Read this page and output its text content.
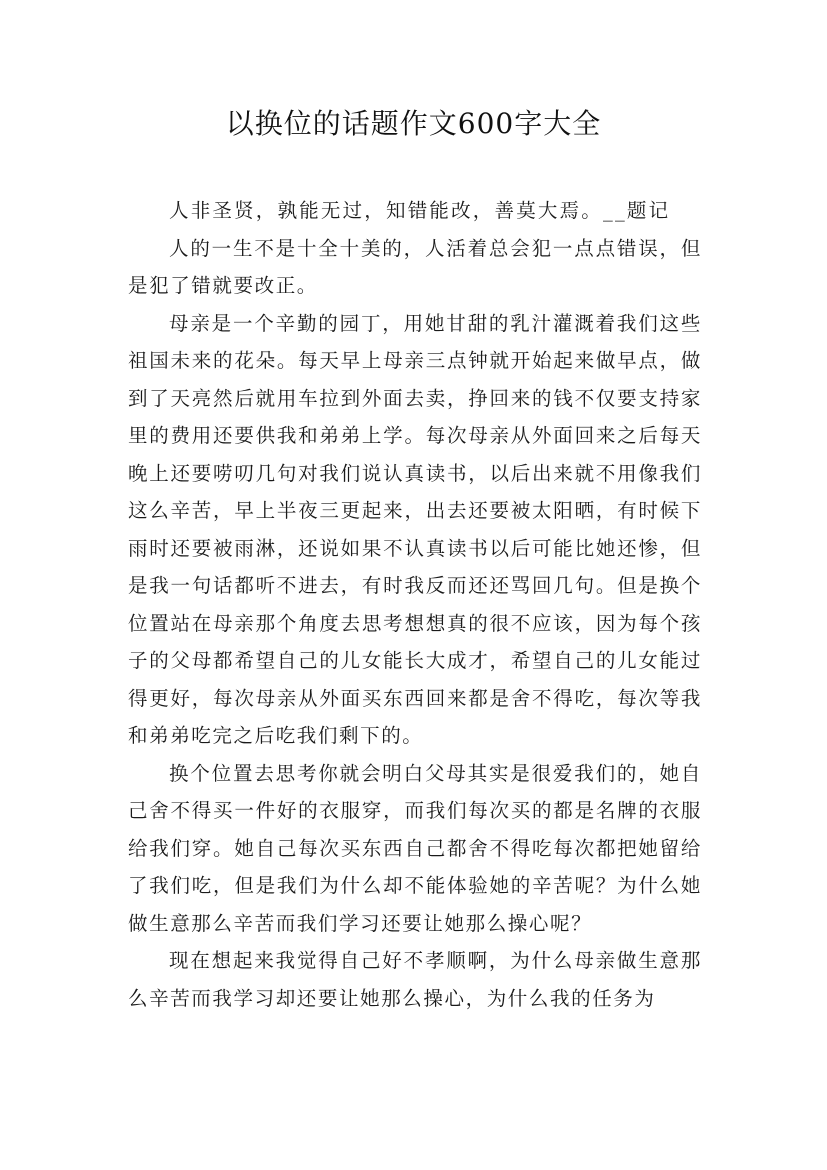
以换位的话题作文600字大全

人非圣贤，孰能无过，知错能改，善莫大焉。__题记

人的一生不是十全十美的，人活着总会犯一点点错误，但是犯了错就要改正。

母亲是一个辛勤的园丁，用她甘甜的乳汁灌溉着我们这些祖国未来的花朵。每天早上母亲三点钟就开始起来做早点，做到了天亮然后就用车拉到外面去卖，挣回来的钱不仅要支持家里的费用还要供我和弟弟上学。每次母亲从外面回来之后每天晚上还要唠叨几句对我们说认真读书，以后出来就不用像我们这么辛苦，早上半夜三更起来，出去还要被太阳晒，有时候下雨时还要被雨淋，还说如果不认真读书以后可能比她还惨，但是我一句话都听不进去，有时我反而还还骂回几句。但是换个位置站在母亲那个角度去思考想想真的很不应该，因为每个孩子的父母都希望自己的儿女能长大成才，希望自己的儿女能过得更好，每次母亲从外面买东西回来都是舍不得吃，每次等我和弟弟吃完之后吃我们剩下的。

换个位置去思考你就会明白父母其实是很爱我们的，她自己舍不得买一件好的衣服穿，而我们每次买的都是名牌的衣服给我们穿。她自己每次买东西自己都舍不得吃每次都把她留给了我们吃，但是我们为什么却不能体验她的辛苦呢？为什么她做生意那么辛苦而我们学习还要让她那么操心呢？

现在想起来我觉得自己好不孝顺啊，为什么母亲做生意那么辛苦而我学习却还要让她那么操心，为什么我的任务为
